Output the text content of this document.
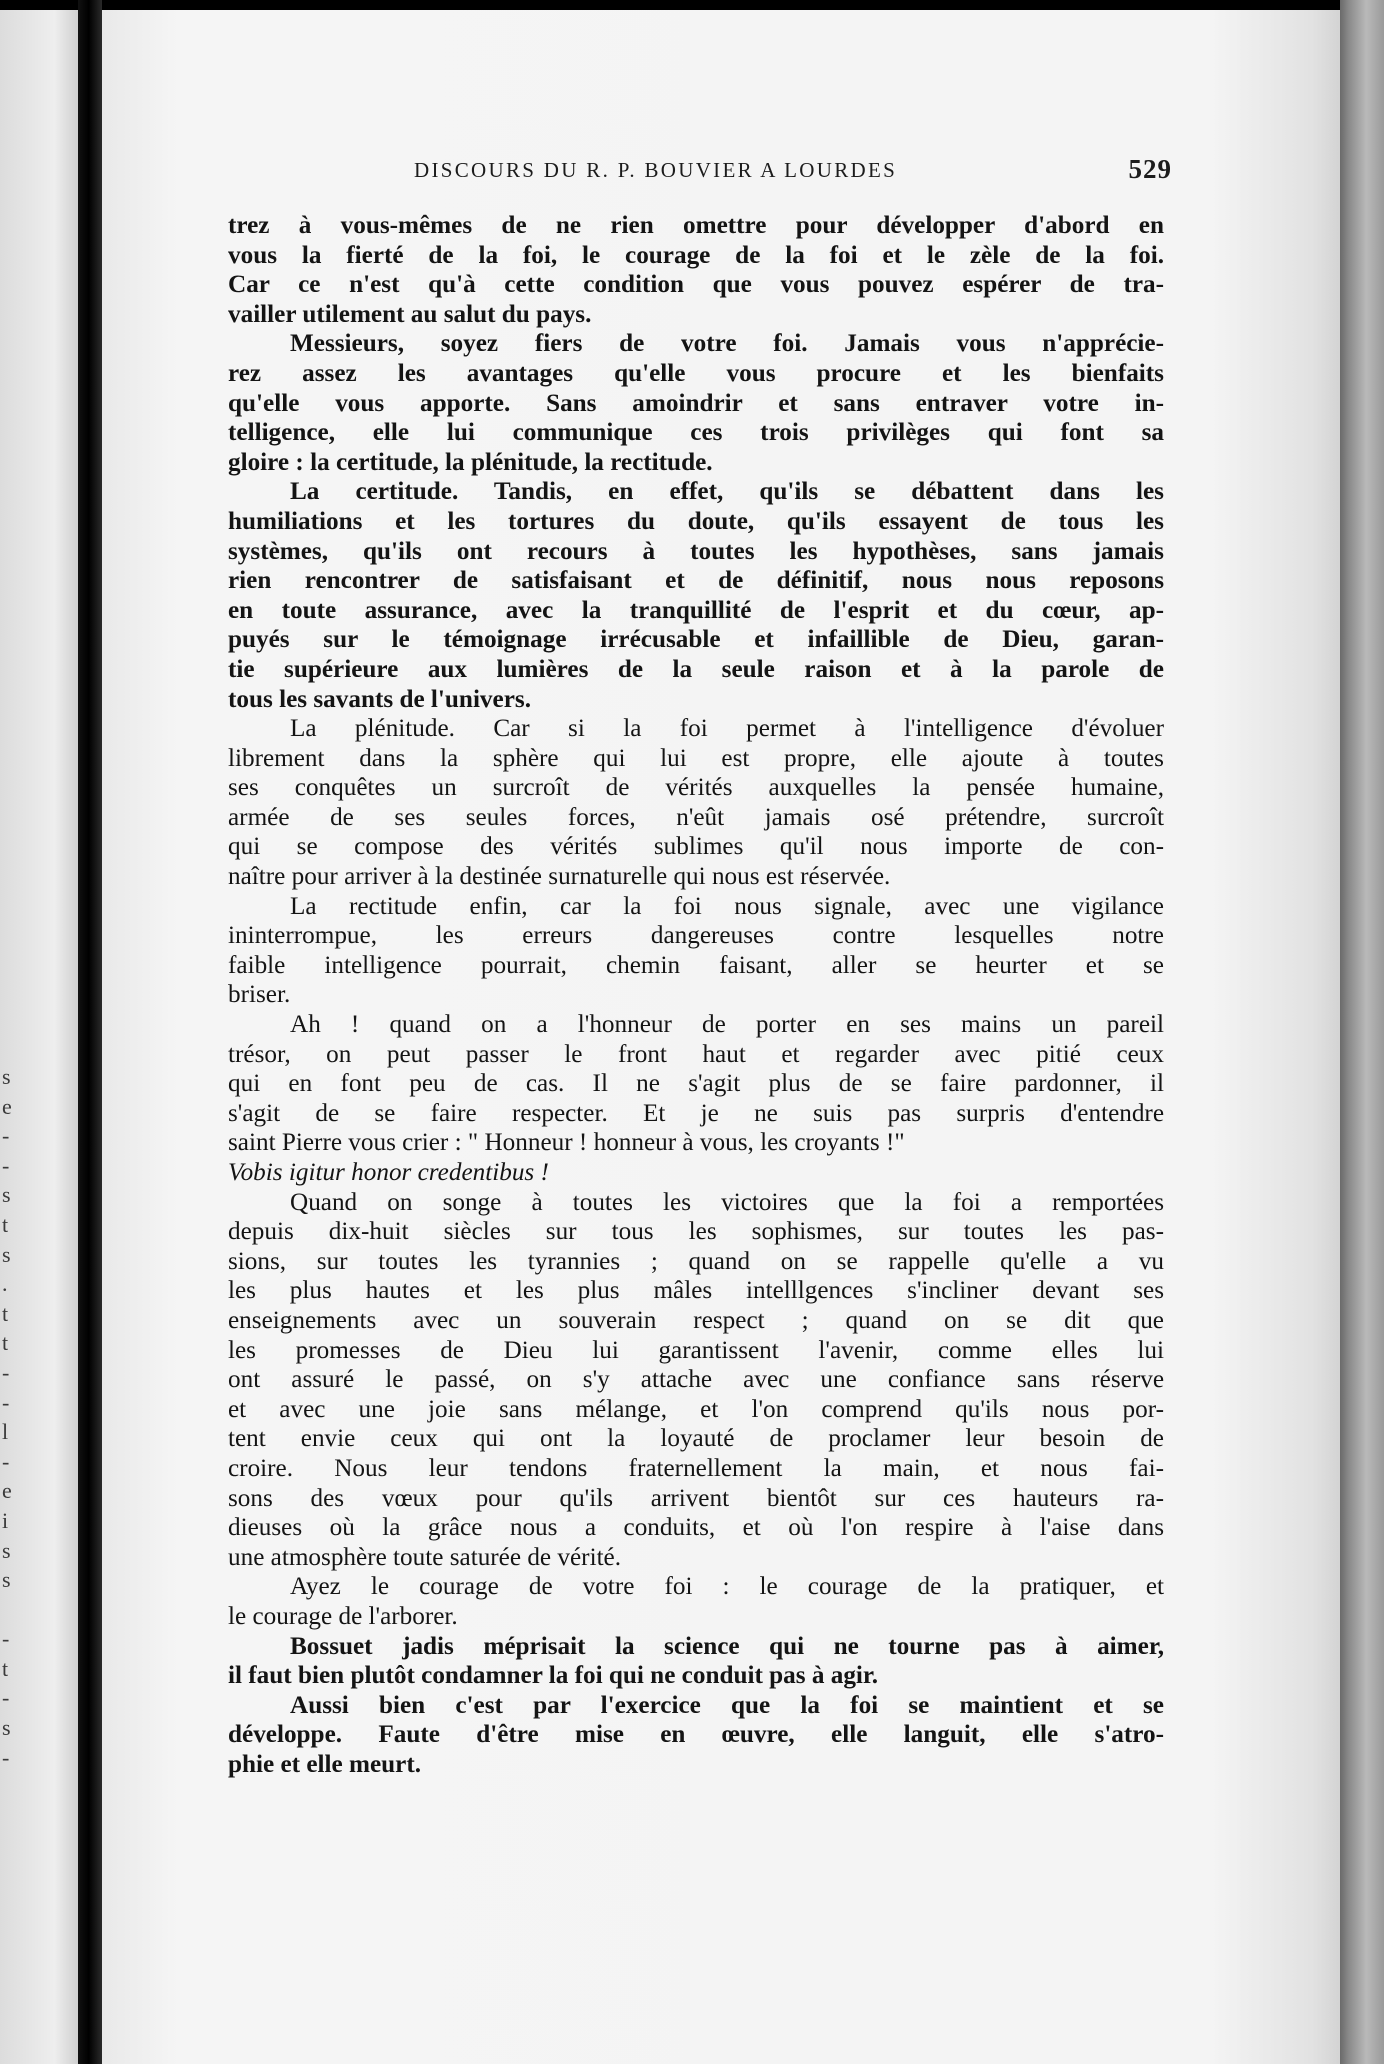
s
e
-
-
s
t
s
.
t
t
-
-
l
-
e
i
s
s
-
t
-
s
-
DISCOURS DU R. P. BOUVIER A LOURDES	529
trez à vous-mêmes de ne rien omettre pour développer d'abord en
vous la fierté de la foi, le courage de la foi et le zèle de la foi.
Car ce n'est qu'à cette condition que vous pouvez espérer de tra-
vailler utilement au salut du pays.
Messieurs, soyez fiers de votre foi. Jamais vous n'apprécie-
rez assez les avantages qu'elle vous procure et les bienfaits
qu'elle vous apporte. Sans amoindrir et sans entraver votre in-
telligence, elle lui communique ces trois privilèges qui font sa
gloire : la certitude, la plénitude, la rectitude.
La certitude. Tandis, en effet, qu'ils se débattent dans les
humiliations et les tortures du doute, qu'ils essayent de tous les
systèmes, qu'ils ont recours à toutes les hypothèses, sans jamais
rien rencontrer de satisfaisant et de définitif, nous nous reposons
en toute assurance, avec la tranquillité de l'esprit et du cœur, ap-
puyés sur le témoignage irrécusable et infaillible de Dieu, garan-
tie supérieure aux lumières de la seule raison et à la parole de
tous les savants de l'univers.
La plénitude. Car si la foi permet à l'intelligence d'évoluer
librement dans la sphère qui lui est propre, elle ajoute à toutes
ses conquêtes un surcroît de vérités auxquelles la pensée humaine,
armée de ses seules forces, n'eût jamais osé prétendre, surcroît
qui se compose des vérités sublimes qu'il nous importe de con-
naître pour arriver à la destinée surnaturelle qui nous est réservée.
La rectitude enfin, car la foi nous signale, avec une vigilance
ininterrompue, les erreurs dangereuses contre lesquelles notre
faible intelligence pourrait, chemin faisant, aller se heurter et se
briser.
Ah ! quand on a l'honneur de porter en ses mains un pareil
trésor, on peut passer le front haut et regarder avec pitié ceux
qui en font peu de cas. Il ne s'agit plus de se faire pardonner, il
s'agit de se faire respecter. Et je ne suis pas surpris d'entendre
saint Pierre vous crier : " Honneur ! honneur à vous, les croyants !"
Vobis igitur honor credentibus !
Quand on songe à toutes les victoires que la foi a remportées
depuis dix-huit siècles sur tous les sophismes, sur toutes les pas-
sions, sur toutes les tyrannies ; quand on se rappelle qu'elle a vu
les plus hautes et les plus mâles intelllgences s'incliner devant ses
enseignements avec un souverain respect ; quand on se dit que
les promesses de Dieu lui garantissent l'avenir, comme elles lui
ont assuré le passé, on s'y attache avec une confiance sans réserve
et avec une joie sans mélange, et l'on comprend qu'ils nous por-
tent envie ceux qui ont la loyauté de proclamer leur besoin de
croire. Nous leur tendons fraternellement la main, et nous fai-
sons des vœux pour qu'ils arrivent bientôt sur ces hauteurs ra-
dieuses où la grâce nous a conduits, et où l'on respire à l'aise dans
une atmosphère toute saturée de vérité.
Ayez le courage de votre foi : le courage de la pratiquer, et
le courage de l'arborer.
Bossuet jadis méprisait la science qui ne tourne pas à aimer,
il faut bien plutôt condamner la foi qui ne conduit pas à agir.
Aussi bien c'est par l'exercice que la foi se maintient et se
développe. Faute d'être mise en œuvre, elle languit, elle s'atro-
phie et elle meurt.
